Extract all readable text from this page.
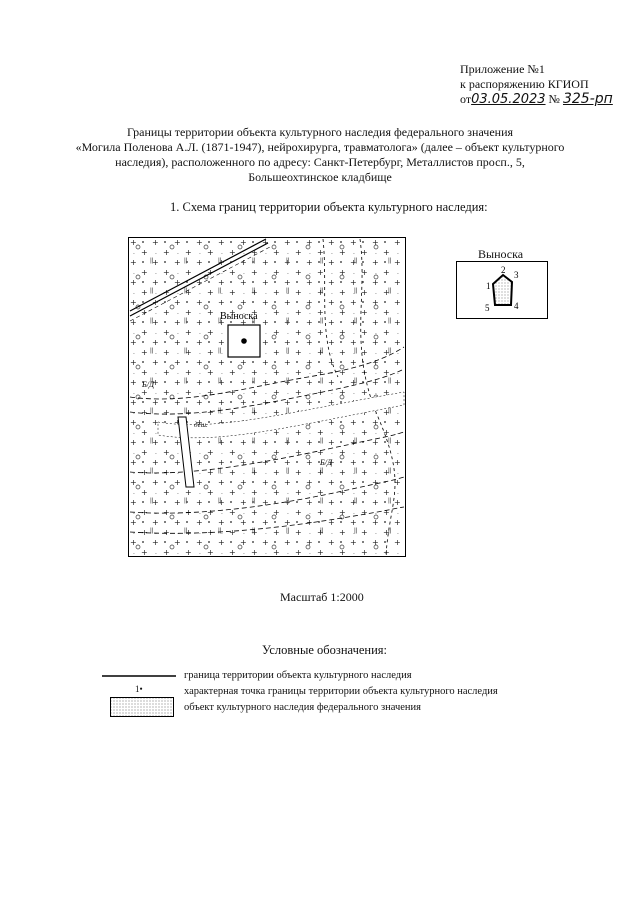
Приложение №1
к распоряжению КГИОП
от03.05.2023 № 325-рп
Границы территории объекта культурного наследия федерального значения
«Могила Поленова А.Л. (1871-1947), нейрохирурга, травматолога» (далее – объект культурного
наследия), расположенного по адресу: Санкт-Петербург, Металлистов просп., 5,
Большеохтинское кладбище
1. Схема границ территории объекта культурного наследия:
Выноска
Б/Д
Б/Д
деш.
Выноска
1
2 3
4
5
Масштаб 1:2000
Условные обозначения:
граница территории объекта культурного наследия
1•	характерная точка границы территории объекта культурного наследия
объект культурного наследия федерального значения
